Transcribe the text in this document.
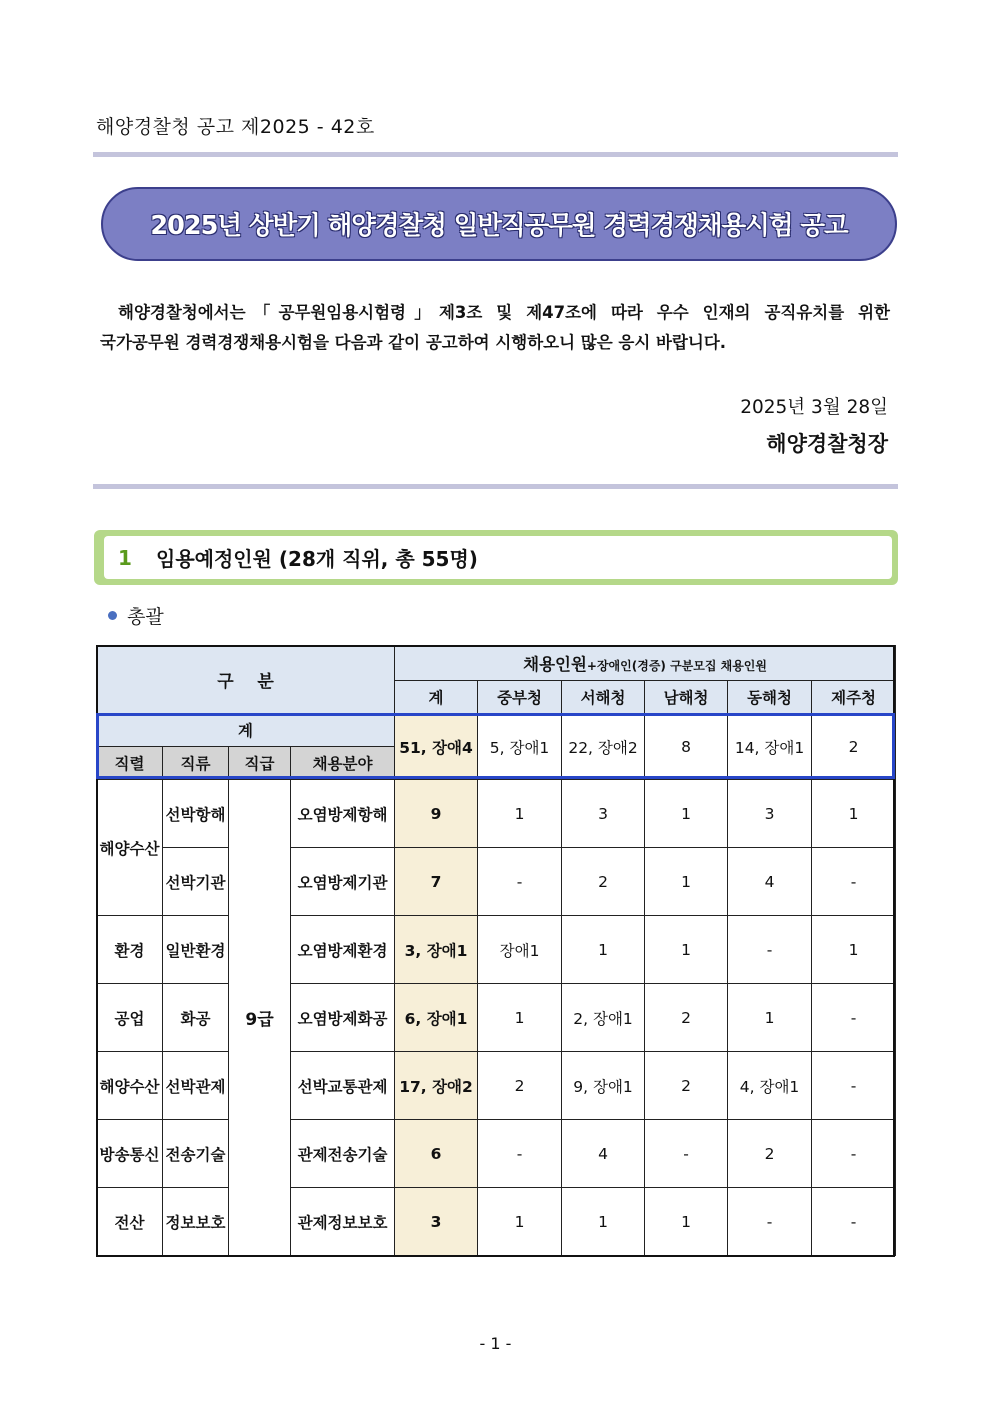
해양경찰청 공고 제2025 - 42호
2025년 상반기 해양경찰청 일반직공무원 경력경쟁채용시험 공고
해양경찰청에서는「공무원임용시험령」제3조 및 제47조에 따라 우수 인재의 공직유치를 위한
국가공무원 경력경쟁채용시험을 다음과 같이 공고하여 시행하오니 많은 응시 바랍니다.
2025년 3월 28일
해양경찰청장
1	임용예정인원 (28개 직위, 총 55명)
총괄
구    분				채용인원+장애인(경증) 구분모집 채용인원					
				계	중부청	서해청	남해청	동해청	제주청
계				51, 장애4	5, 장애1	22, 장애2	8	14, 장애1	2
직렬	직류	직급	채용분야						
해양수산	선박항해	9급	오염방제항해	9	1	3	1	3	1
	선박기관		오염방제기관	7	-	2	1	4	-
환경	일반환경		오염방제환경	3, 장애1	장애1	1	1	-	1
공업	화공		오염방제화공	6, 장애1	1	2, 장애1	2	1	-
해양수산	선박관제		선박교통관제	17, 장애2	2	9, 장애1	2	4, 장애1	-
방송통신	전송기술		관제전송기술	6	-	4	-	2	-
전산	정보보호		관제정보보호	3	1	1	1	-	-
- 1 -
